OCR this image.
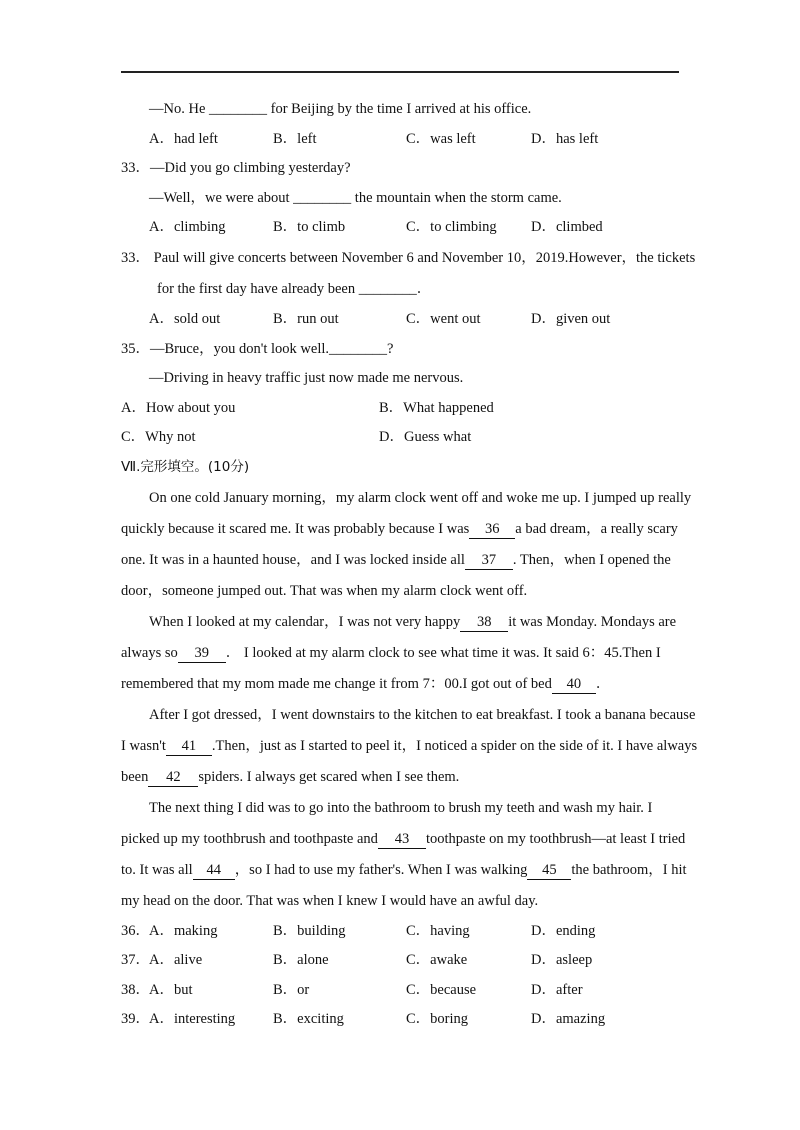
—No. He ________ for Beijing by the time I arrived at his office.
A．had left	B．left	C．was left	D．has left
33．—Did you go climbing yesterday?
—Well，we were about ________ the mountain when the storm came.
A．climbing	B．to climb	C．to climbing D．climbed
33． Paul will give concerts between November 6 and November 10，2019.However，the tickets
for the first day have already been ________．
A．sold out	B．run out	C．went out	D．given out
35．—Bruce，you don't look well.________?
—Driving in heavy traffic just now made me nervous.
A．How about you	B．What happened
C．Why not	D．Guess what
Ⅶ.完形填空。(10分)
On one cold January morning，my alarm clock went off and woke me up. I jumped up really
quickly because it scared me. It was probably because I was 36 a bad dream，a really scary
one. It was in a haunted house，and I was locked inside all 37 . Then，when I opened the
door，someone jumped out. That was when my alarm clock went off.
When I looked at my calendar，I was not very happy 38 it was Monday. Mondays are
always so 39 ． I looked at my alarm clock to see what time it was. It said 6：45.Then I
remembered that my mom made me change it from 7：00.I got out of bed 40 ．
After I got dressed，I went downstairs to the kitchen to eat breakfast. I took a banana because
I wasn't 41 .Then，just as I started to peel it，I noticed a spider on the side of it. I have always
been 42 spiders. I always get scared when I see them.
The next thing I did was to go into the bathroom to brush my teeth and wash my hair. I
picked up my toothbrush and toothpaste and 43 toothpaste on my toothbrush—at least I tried
to. It was all 44 ，so I had to use my father's. When I was walking 45 the bathroom，I hit
my head on the door. That was when I knew I would have an awful day.
36． A．making	B．building	C．having	D．ending
37． A．alive	B．alone	C．awake	D．asleep
38． A．but	B．or	C．because	D．after
39． A．interesting	B．exciting	C．boring	D．amazing
